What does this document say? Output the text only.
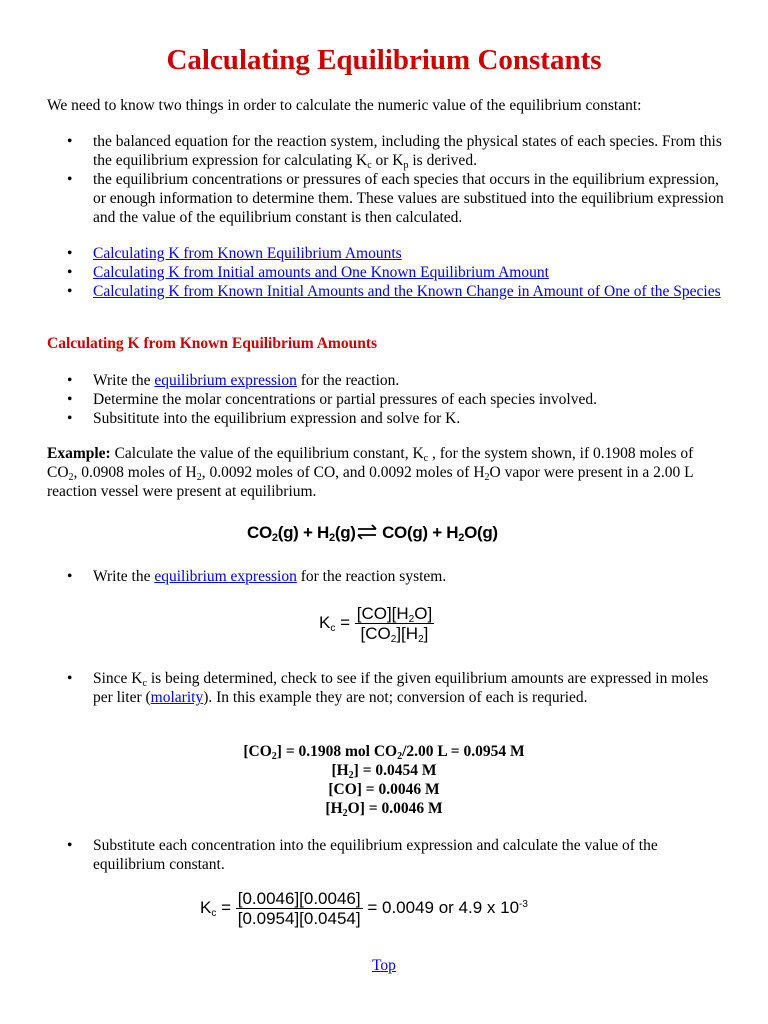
Calculating Equilibrium Constants

We need to know two things in order to calculate the numeric value of the equilibrium constant:

• the balanced equation for the reaction system, including the physical states of each species. From this the equilibrium expression for calculating $K_c$ or $K_p$ is derived.
• the equilibrium concentrations or pressures of each species that occurs in the equilibrium expression, or enough information to determine them. These values are substitued into the equilibrium expression and the value of the equilibrium constant is then calculated.
• Calculating K from Known Equilibrium Amounts
• Calculating K from Initial amounts and One Known Equilibrium Amount
• Calculating K from Known Initial Amounts and the Known Change in Amount of One of the Species
Calculating K from Known Equilibrium Amounts
• Write the equilibrium expression for the reaction.
• Determine the molar concentrations or partial pressures of each species involved.
• Subsititute into the equilibrium expression and solve for K.

Example: Calculate the value of the equilibrium constant, $K_c$ , for the system shown, if 0.1908 moles of $CO_2$, 0.0908 moles of $H_2$, 0.0092 moles of CO, and 0.0092 moles of $H_2O$ vapor were present in a 2.00 L reaction vessel were present at equilibrium.

$CO_2(g)$ + $H_2(g)\rightleftharpoons$ $CO(g) + H_2O(g)$
• Write the equilibrium expression for the reaction system.
$K_c = \frac{[CO][H_2O]}{[CO_2][H_2]}$
• Since $K_c$ is being determined, check to see if the given equilibrium amounts are expressed in moles per liter (molarity). In this example they are not; conversion of each is requried.
$[CO_2] = 0.1908$ mol $CO_2/2.00$ L = 0.0954 M
$[H_2] = 0.0454$ M
[CO] = 0.0046 M
$[H_2O] = 0.0046$ M
• Substitute each concentration into the equilibrium expression and calculate the value of the equilibrium constant.
$K_c = \frac{[0.0046][0.0046]}{[0.0954][0.0454]} = 0.0049$ or 4.9 x $10^{-3}$
Top
